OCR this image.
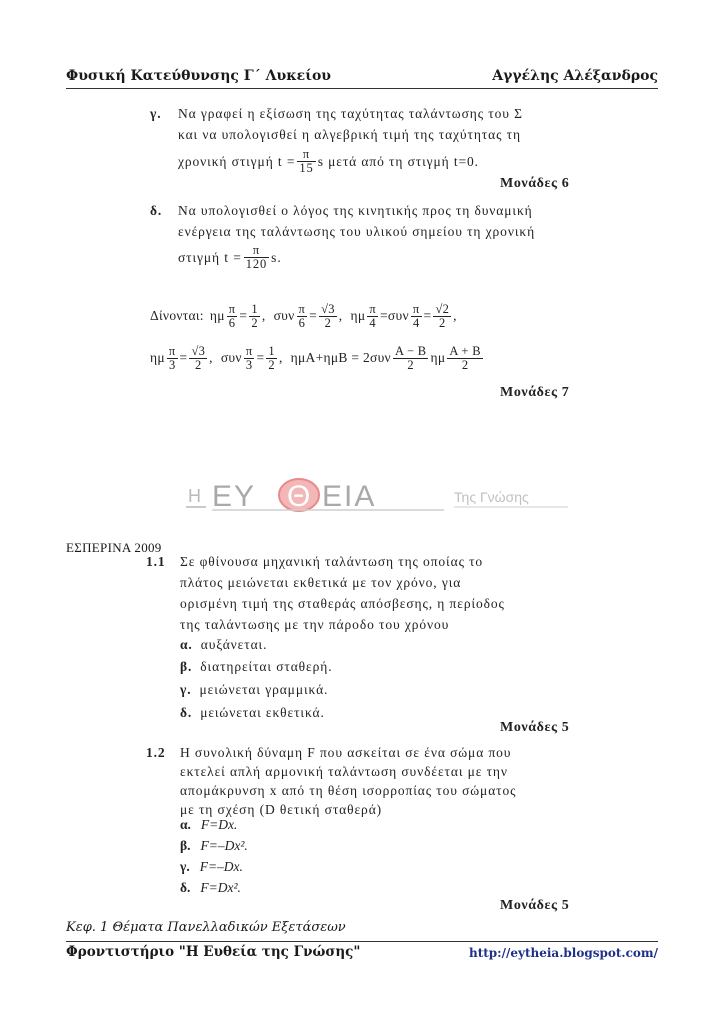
Φυσική Κατεύθυνσης Γ΄ Λυκείου	Αγγέλης Αλέξανδρος
γ. Να γραφεί η εξίσωση της ταχύτητας ταλάντωσης του Σ
και να υπολογισθεί η αλγεβρική τιμή της ταχύτητας τη
χρονική στιγμή $t = \frac{\pi}{15}$ s μετά από τη στιγμή t=0.
Μονάδες 6
δ. Να υπολογισθεί ο λόγος της κινητικής προς τη δυναμική
ενέργεια της ταλάντωσης του υλικού σημείου τη χρονική
στιγμή $t = \frac{\pi}{120} s$.
Δίνονται: ημ $\frac{\pi}{6} = \frac{1}{2}$ , συν $\frac{\pi}{6} = \frac{√3}{2}$ , ημ $\frac{\pi}{4} =\sigma\upsilon\nu \frac{\pi}{4} = \frac{√2}{2}$ ,
ημ $\frac{\pi}{3} = \frac{√3}{2}$ , συν $\frac{\pi}{3} = \frac{1}{2}$ , $\eta\mu A+\eta\mu B = 2\sigma\upsilon\nu \frac{A - B}{2}$ ημ $\frac{A + B}{2}$
Μονάδες 7
Η ΕΥ Θ ΕΙΑ	Της Γνώσης
ΕΣΠΕΡΙΝΑ 2009
1.1 Σε φθίνουσα μηχανική ταλάντωση της οποίας το
πλάτος μειώνεται εκθετικά με τον χρόνο, για
ορισμένη τιμή της σταθεράς απόσβεσης, η περίοδος
της ταλάντωσης με την πάροδο του χρόνου
α. αυξάνεται.
β. διατηρείται σταθερή.
γ. μειώνεται γραμμικά.
δ. μειώνεται εκθετικά.
Μονάδες 5
1.2 Η συνολική δύναμη F που ασκείται σε ένα σώμα που
εκτελεί απλή αρμονική ταλάντωση συνδέεται με την
απομάκρυνση x από τη θέση ισορροπίας του σώματος
με τη σχέση (D θετική σταθερά)
α. F=Dx.
β. F=–Dx².
γ. F=–Dx.
Κεφ. 1 Θέματα Πανελλαδικών Εξετάσεων
Φροντιστήριο "Η Ευθεία της Γνώσης"	http://eytheia.blogspot.com/
δ. F=Dx².
Μονάδες 5
